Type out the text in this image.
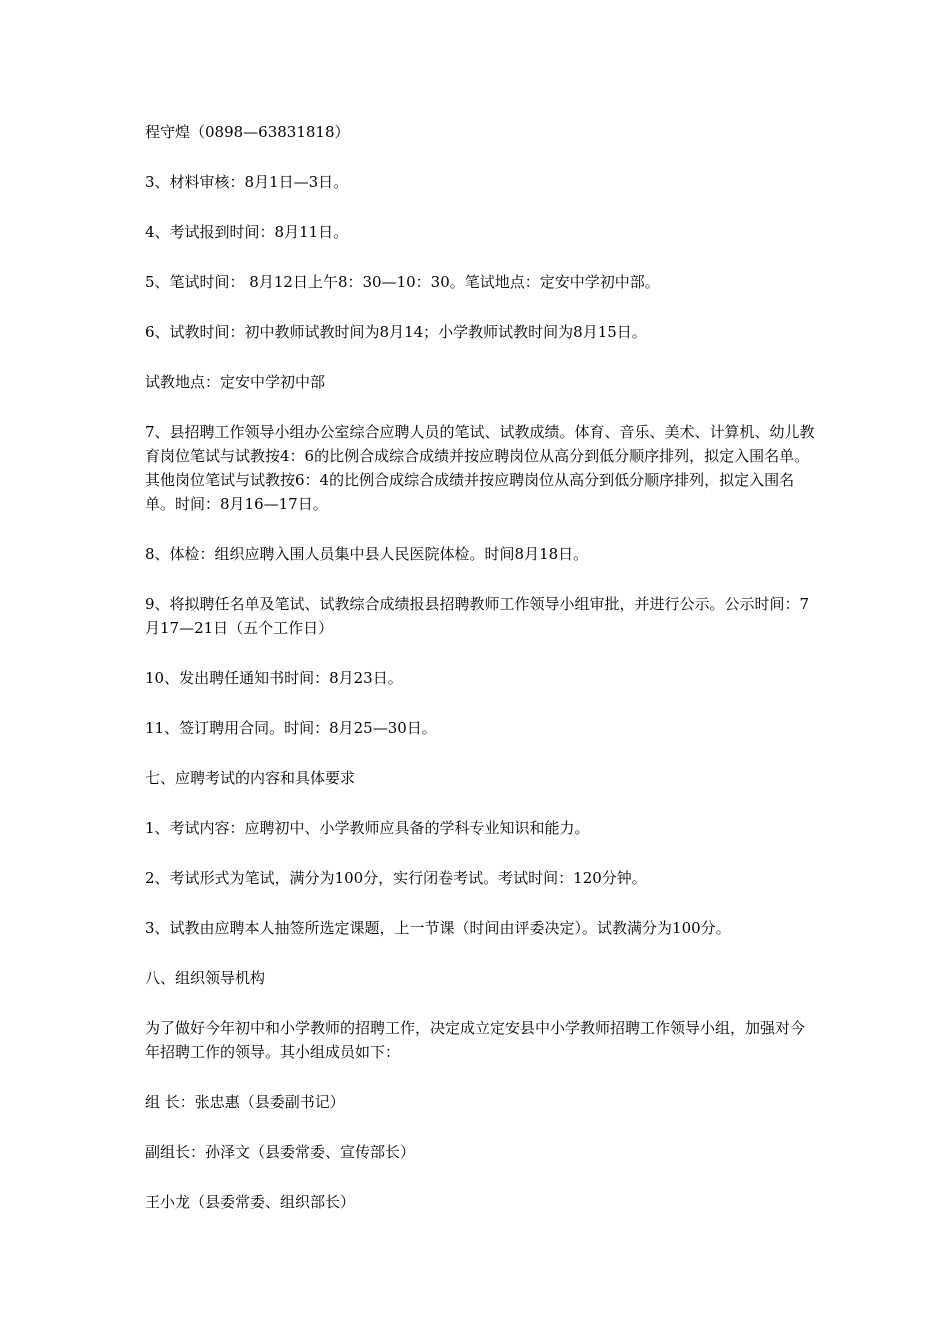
程守煌（0898—63831818）

3、材料审核：8月1日—3日。

4、考试报到时间：8月11日。

5、笔试时间： 8月12日上午8：30—10：30。笔试地点：定安中学初中部。

6、试教时间：初中教师试教时间为8月14；小学教师试教时间为8月15日。

试教地点：定安中学初中部

7、县招聘工作领导小组办公室综合应聘人员的笔试、试教成绩。体育、音乐、美术、计算机、幼儿教育岗位笔试与试教按4：6的比例合成综合成绩并按应聘岗位从高分到低分顺序排列，拟定入围名单。其他岗位笔试与试教按6：4的比例合成综合成绩并按应聘岗位从高分到低分顺序排列，拟定入围名单。时间：8月16—17日。

8、体检：组织应聘入围人员集中县人民医院体检。时间8月18日。

9、将拟聘任名单及笔试、试教综合成绩报县招聘教师工作领导小组审批，并进行公示。公示时间：7月17—21日（五个工作日）

10、发出聘任通知书时间：8月23日。

11、签订聘用合同。时间：8月25—30日。

七、应聘考试的内容和具体要求

1、考试内容：应聘初中、小学教师应具备的学科专业知识和能力。

2、考试形式为笔试，满分为100分，实行闭卷考试。考试时间：120分钟。

3、试教由应聘本人抽签所选定课题，上一节课（时间由评委决定）。试教满分为100分。

八、组织领导机构

为了做好今年初中和小学教师的招聘工作，决定成立定安县中小学教师招聘工作领导小组，加强对今年招聘工作的领导。其小组成员如下：

组 长：张忠惠（县委副书记）

副组长：孙泽文（县委常委、宣传部长）

王小龙（县委常委、组织部长）
